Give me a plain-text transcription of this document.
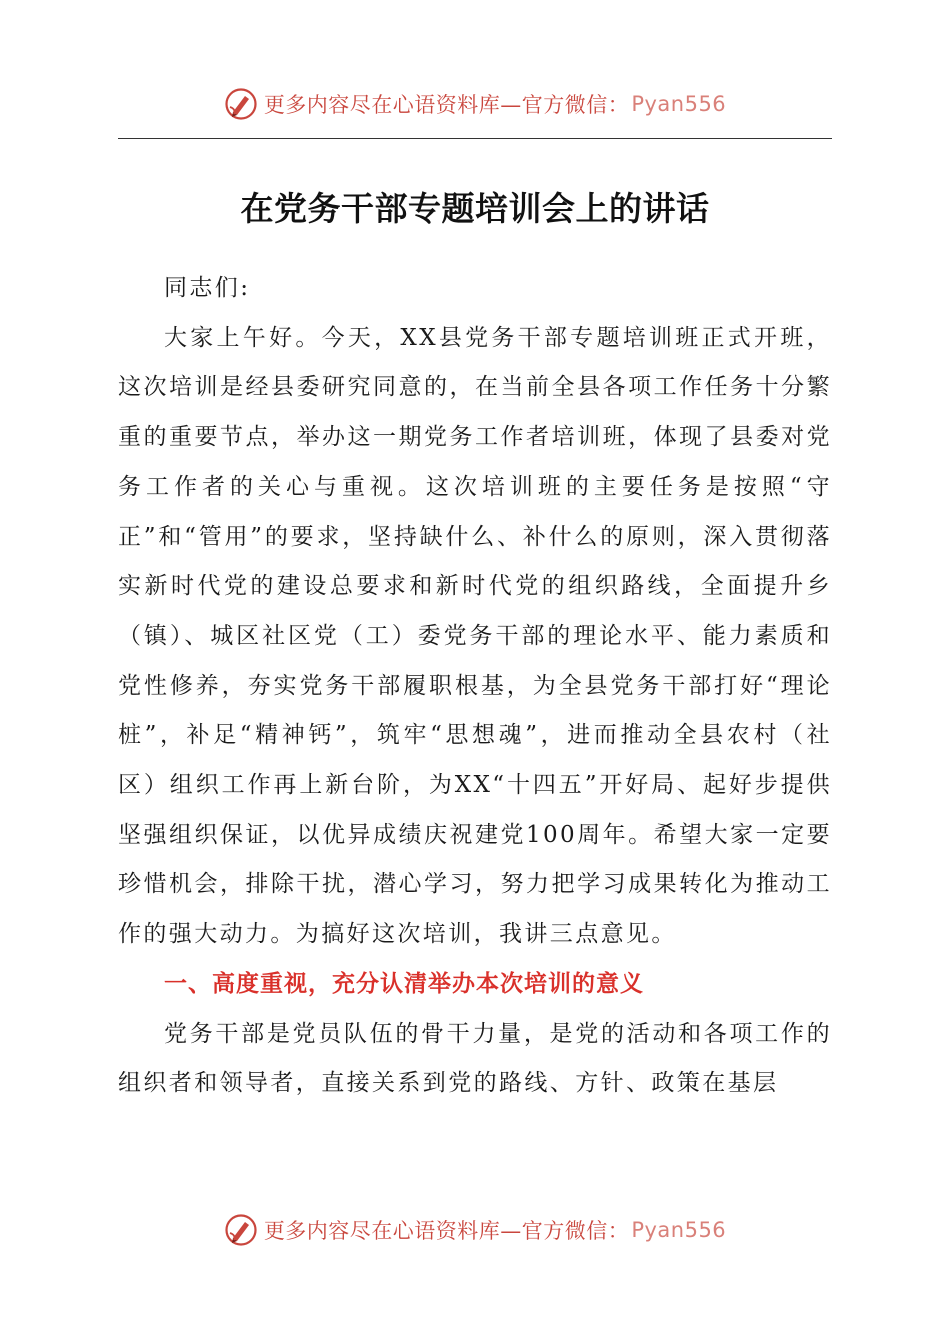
更多内容尽在心语资料库—官方微信： Pyan556
在党务干部专题培训会上的讲话

同志们:

大家上午好。今天，XX县党务干部专题培训班正式开班，这次培训是经县委研究同意的，在当前全县各项工作任务十分繁重的重要节点，举办这一期党务工作者培训班，体现了县委对党务工作者的关心与重视。这次培训班的主要任务是按照“守正”和“管用”的要求，坚持缺什么、补什么的原则，深入贯彻落实新时代党的建设总要求和新时代党的组织路线，全面提升乡（镇）、城区社区党（工）委党务干部的理论水平、能力素质和党性修养，夯实党务干部履职根基，为全县党务干部打好“理论桩”，补足“精神钙”，筑牢“思想魂”，进而推动全县农村（社区）组织工作再上新台阶，为XX“十四五”开好局、起好步提供坚强组织保证，以优异成绩庆祝建党100周年。希望大家一定要珍惜机会，排除干扰，潜心学习，努力把学习成果转化为推动工作的强大动力。为搞好这次培训，我讲三点意见。

一、高度重视，充分认清举办本次培训的意义

党务干部是党员队伍的骨干力量，是党的活动和各项工作的组织者和领导者，直接关系到党的路线、方针、政策在基层

更多内容尽在心语资料库—官方微信： Pyan556
